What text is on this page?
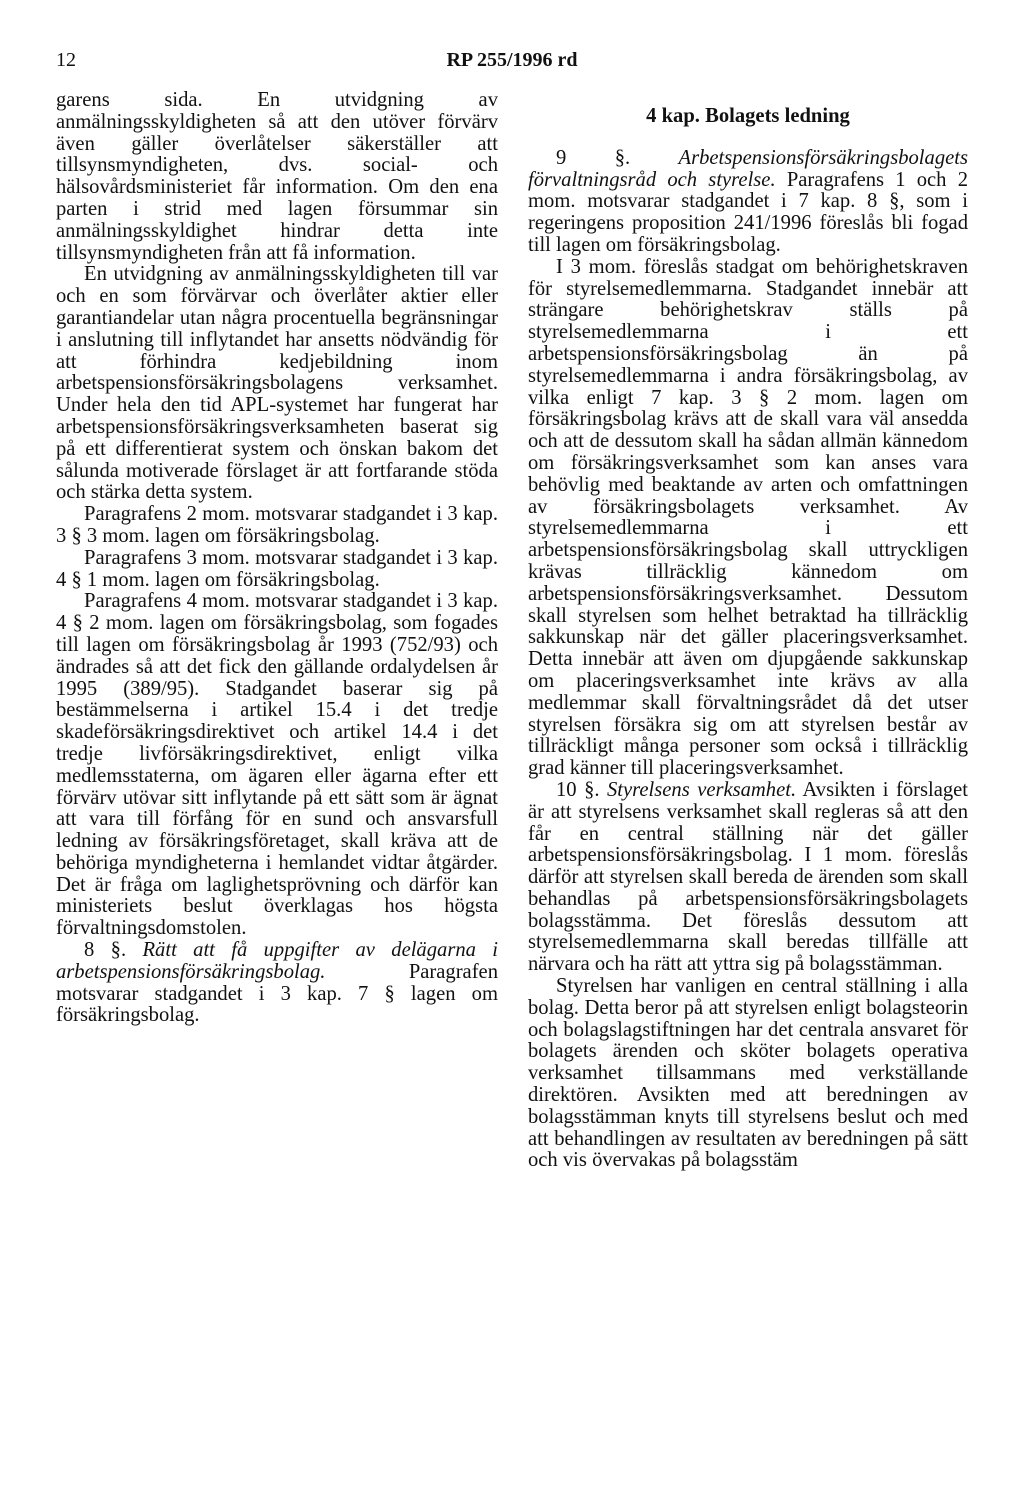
12	RP 255/1996 rd

garens sida. En utvidgning av anmälningsskyldigheten så att den utöver förvärv även gäller överlåtelser säkerställer att tillsynsmyndigheten, dvs. social- och hälsovårdsministeriet får information. Om den ena parten i strid med lagen försummar sin anmälningsskyldighet hindrar detta inte tillsynsmyndigheten från att få information.

En utvidgning av anmälningsskyldigheten till var och en som förvärvar och överlåter aktier eller garantiandelar utan några procentuella begränsningar i anslutning till inflytandet har ansetts nödvändig för att förhindra kedjebildning inom arbetspensionsförsäkringsbolagens verksamhet. Under hela den tid APL-systemet har fungerat har arbetspensionsförsäkringsverksamheten baserat sig på ett differentierat system och önskan bakom det sålunda motiverade förslaget är att fortfarande stöda och stärka detta system.

Paragrafens 2 mom. motsvarar stadgandet i 3 kap. 3 § 3 mom. lagen om försäkringsbolag.

Paragrafens 3 mom. motsvarar stadgandet i 3 kap. 4 § 1 mom. lagen om försäkringsbolag.

Paragrafens 4 mom. motsvarar stadgandet i 3 kap. 4 § 2 mom. lagen om försäkringsbolag, som fogades till lagen om försäkringsbolag år 1993 (752/93) och ändrades så att det fick den gällande ordalydelsen år 1995 (389/95). Stadgandet baserar sig på bestämmelserna i artikel 15.4 i det tredje skadeförsäkringsdirektivet och artikel 14.4 i det tredje livförsäkringsdirektivet, enligt vilka medlemsstaterna, om ägaren eller ägarna efter ett förvärv utövar sitt inflytande på ett sätt som är ägnat att vara till förfång för en sund och ansvarsfull ledning av försäkringsföretaget, skall kräva att de behöriga myndigheterna i hemlandet vidtar åtgärder. Det är fråga om laglighetsprövning och därför kan ministeriets beslut överklagas hos högsta förvaltningsdomstolen.

8 §. Rätt att få uppgifter av delägarna i arbetspensionsförsäkringsbolag.	Paragrafen motsvarar stadgandet i 3 kap. 7 § lagen om försäkringsbolag.

4 kap. Bolagets ledning

9 §. Arbetspensionsförsäkringsbolagets förvaltningsråd och styrelse. Paragrafens 1 och 2 mom. motsvarar stadgandet i 7 kap. 8 §, som i regeringens proposition 241/1996 föreslås bli fogad till lagen om försäkringsbolag.

I 3 mom. föreslås stadgat om behörighetskraven för styrelsemedlemmarna. Stadgandet innebär att strängare behörighetskrav ställs på styrelsemedlemmarna i ett arbetspensionsförsäkringsbolag än på styrelsemedlemmarna i andra försäkringsbolag, av vilka enligt 7 kap. 3 § 2 mom. lagen om försäkringsbolag krävs att de skall vara väl ansedda och att de dessutom skall ha sådan allmän kännedom om försäkringsverksamhet som kan anses vara behövlig med beaktande av arten och omfattningen av försäkringsbolagets verksamhet. Av styrelsemedlemmarna i ett arbetspensionsförsäkringsbolag skall uttryckligen krävas tillräcklig kännedom om arbetspensionsförsäkringsverksamhet. Dessutom skall styrelsen som helhet betraktad ha tillräcklig sakkunskap när det gäller placeringsverksamhet. Detta innebär att även om djupgående sakkunskap om placeringsverksamhet inte krävs av alla medlemmar skall förvaltningsrådet då det utser styrelsen försäkra sig om att styrelsen består av tillräckligt många personer som också i tillräcklig grad känner till placeringsverksamhet.

10 §. Styrelsens verksamhet. Avsikten i förslaget är att styrelsens verksamhet skall regleras så att den får en central ställning när det gäller arbetspensionsförsäkringsbolag. I 1 mom. föreslås därför att styrelsen skall bereda de ärenden som skall behandlas på arbetspensionsförsäkringsbolagets bolagsstämma. Det föreslås dessutom att styrelsemedlemmarna skall beredas tillfälle att närvara och ha rätt att yttra sig på bolagsstämman.

Styrelsen har vanligen en central ställning i alla bolag. Detta beror på att styrelsen enligt bolagsteorin och bolagslagstiftningen har det centrala ansvaret för bolagets ärenden och sköter bolagets operativa verksamhet tillsammans med verkställande direktören. Avsikten med att beredningen av bolagsstämman knyts till styrelsens beslut och med att behandlingen av resultaten av beredningen på sätt och vis övervakas på bolagsstäm
